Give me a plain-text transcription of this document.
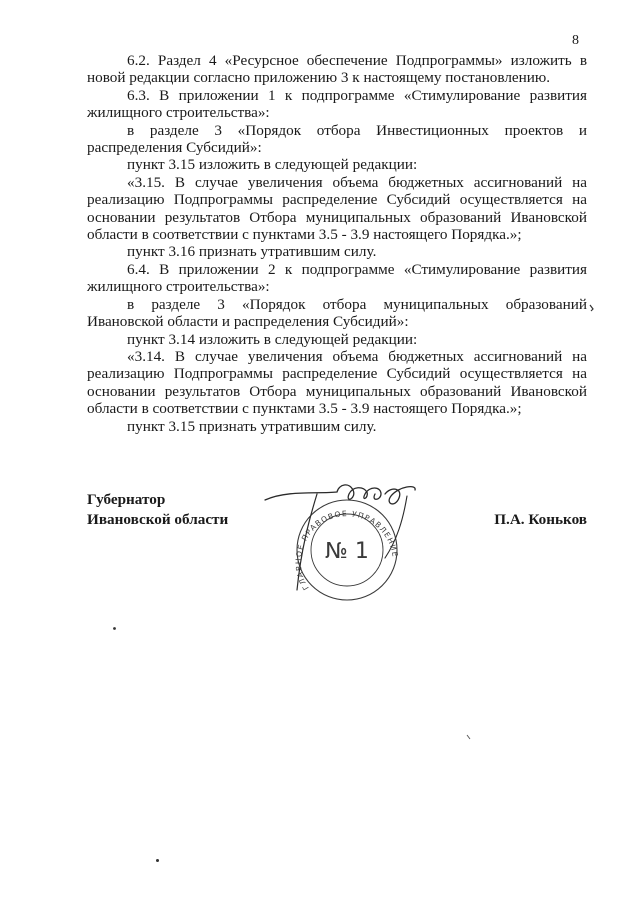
8

6.2. Раздел 4 «Ресурсное обеспечение Подпрограммы» изложить в новой редакции согласно приложению 3 к настоящему постановлению.

6.3. В приложении 1 к подпрограмме «Стимулирование развития жилищного строительства»:

в разделе 3 «Порядок отбора Инвестиционных проектов и распределения Субсидий»:

пункт 3.15 изложить в следующей редакции:

«3.15. В случае увеличения объема бюджетных ассигнований на реализацию Подпрограммы распределение Субсидий осуществляется на основании результатов Отбора муниципальных образований Ивановской области в соответствии с пунктами 3.5 - 3.9 настоящего Порядка.»;

пункт 3.16 признать утратившим силу.

6.4. В приложении 2 к подпрограмме «Стимулирование развития жилищного строительства»:

в разделе 3 «Порядок отбора муниципальных образований Ивановской области и распределения Субсидий»:

пункт 3.14 изложить в следующей редакции:

«3.14. В случае увеличения объема бюджетных ассигнований на реализацию Подпрограммы распределение Субсидий осуществляется на основании результатов Отбора муниципальных образований Ивановской области в соответствии с пунктами 3.5 - 3.9 настоящего Порядка.»;

пункт 3.15 признать утратившим силу.

Губернатор
Ивановской области
ГЛАВНОЕ ПРАВОВОЕ УПРАВЛЕНИЕ
№ 1
П.А. Коньков
